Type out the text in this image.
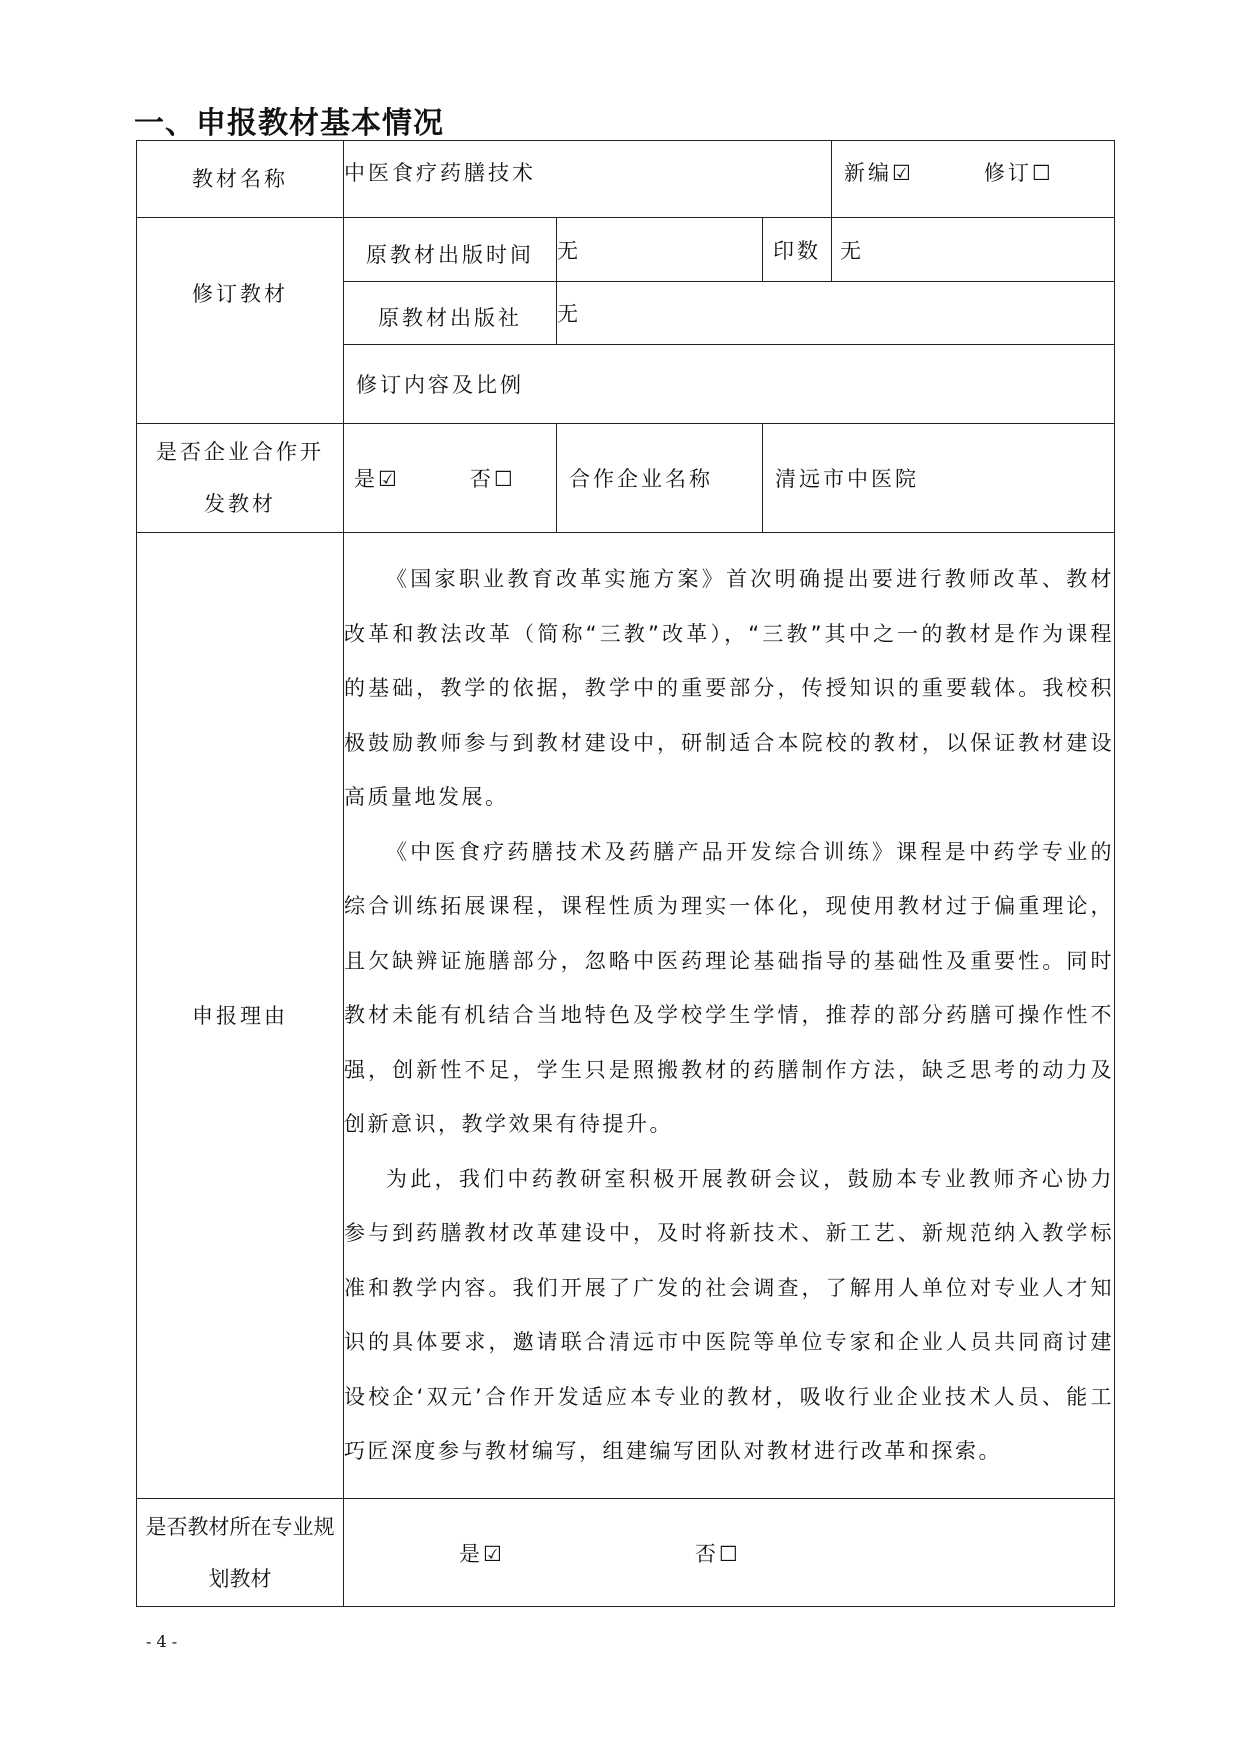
一、申报教材基本情况
教材名称	中医食疗药膳技术			新编☑ 修订☐
修订教材	原教材出版时间	无	印数	无
	原教材出版社	无		
	修订内容及比例			
是否企业合作开发教材	是☑ 否☐	合作企业名称	清远市中医院	
申报理由	《国家职业教育改革实施方案》首次明确提出要进行教师改革、教材改革和教法改革（简称“三教”改革），“三教”其中之一的教材是作为课程的基础，教学的依据，教学中的重要部分，传授知识的重要载体。我校积极鼓励教师参与到教材建设中，研制适合本院校的教材，以保证教材建设高质量地发展。

《中医食疗药膳技术及药膳产品开发综合训练》课程是中药学专业的综合训练拓展课程，课程性质为理实一体化，现使用教材过于偏重理论，且欠缺辨证施膳部分，忽略中医药理论基础指导的基础性及重要性。同时教材未能有机结合当地特色及学校学生学情，推荐的部分药膳可操作性不强，创新性不足，学生只是照搬教材的药膳制作方法，缺乏思考的动力及创新意识，教学效果有待提升。

为此，我们中药教研室积极开展教研会议，鼓励本专业教师齐心协力参与到药膳教材改革建设中，及时将新技术、新工艺、新规范纳入教学标准和教学内容。我们开展了广发的社会调查，了解用人单位对专业人才知识的具体要求，邀请联合清远市中医院等单位专家和企业人员共同商讨建设校企‘双元’合作开发适应本专业的教材，吸收行业企业技术人员、能工巧匠深度参与教材编写，组建编写团队对教材进行改革和探索。			

是否教材所在专业规划教材	是☑ 否☐			
- 4 -
